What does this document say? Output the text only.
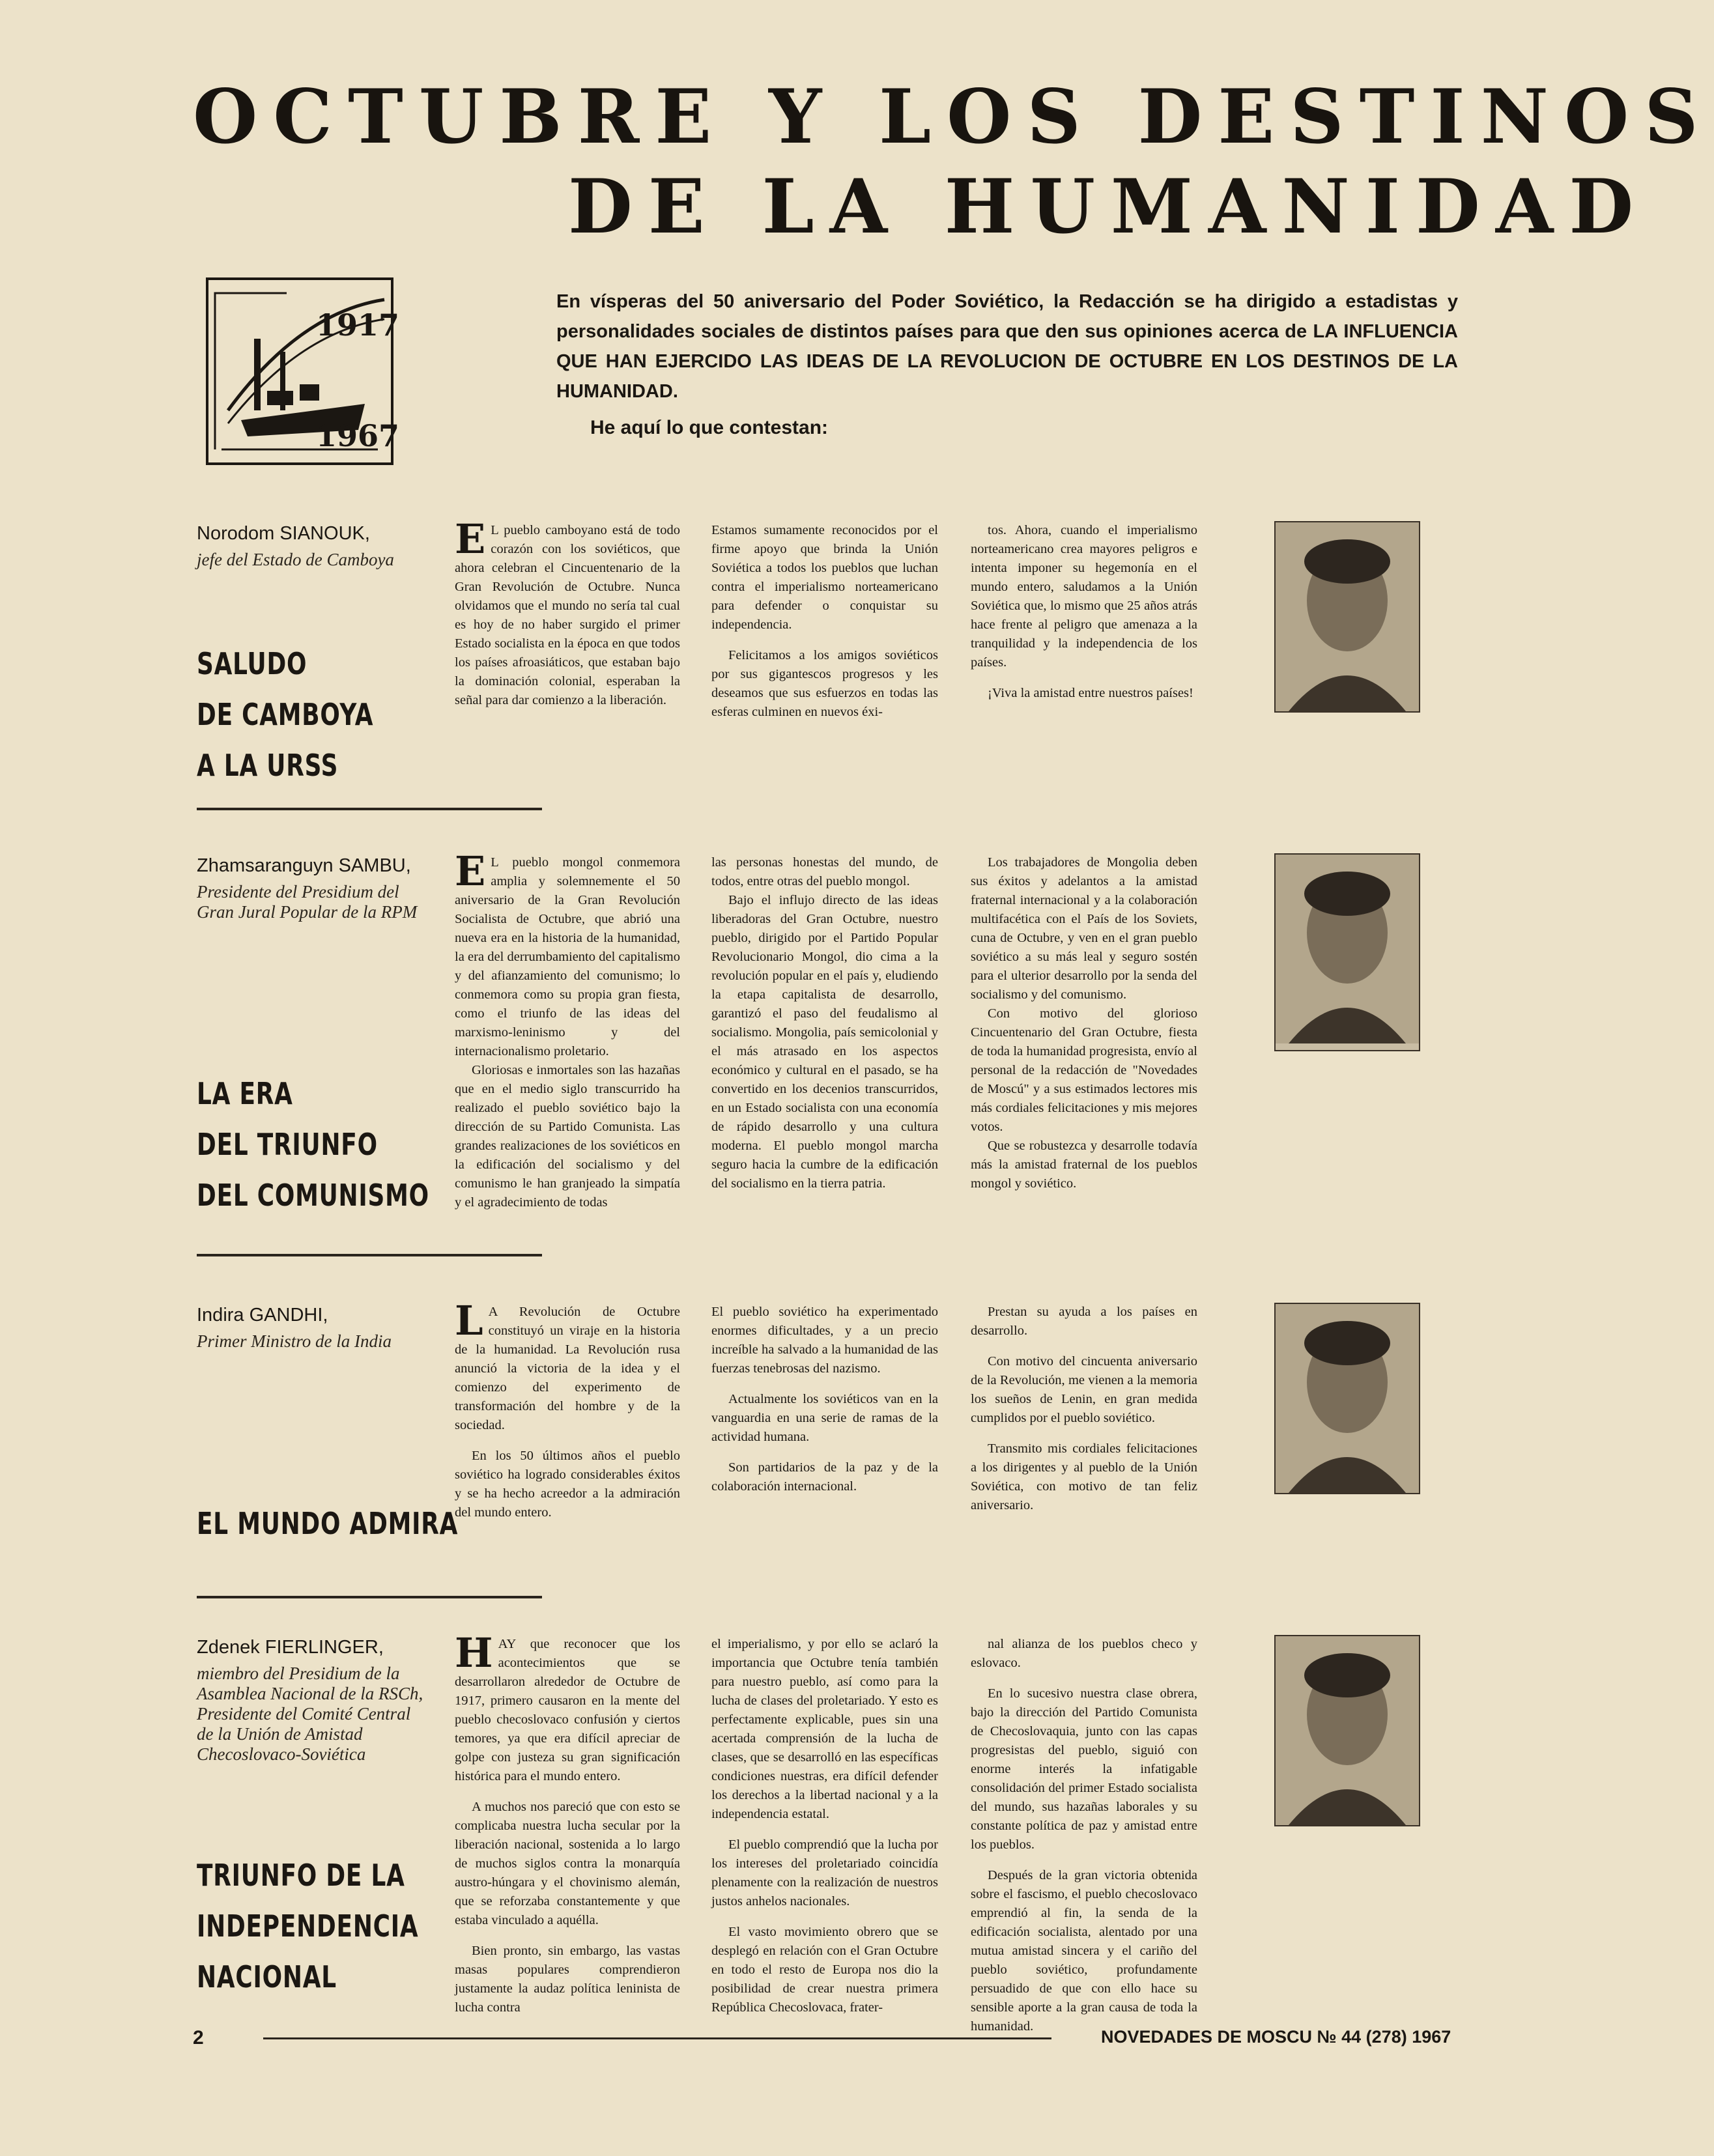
OCTUBRE Y LOS DESTINOS
DE LA HUMANIDAD
1917
1967
En vísperas del 50 aniversario del Poder Soviético, la Redacción se ha dirigido a estadistas y personalidades sociales de distintos países para que den sus opiniones acerca de LA INFLUENCIA QUE HAN EJERCIDO LAS IDEAS DE LA REVOLUCION DE OCTUBRE EN LOS DESTINOS DE LA HUMANIDAD.
He aquí lo que contestan:
Norodom SIANOUK,
jefe del Estado de Camboya
SALUDO
DE CAMBOYA
A LA URSS

E L pueblo camboyano está de todo corazón con los soviéticos, que ahora celebran el Cincuentenario de la Gran Revolución de Octubre. Nunca olvidamos que el mundo no sería tal cual es hoy de no haber surgido el primer Estado socialista en la época en que todos los países afroasiáticos, que estaban bajo la dominación colonial, esperaban la señal para dar comienzo a la liberación.

Estamos sumamente reconocidos por el firme apoyo que brinda la Unión Soviética a todos los pueblos que luchan contra el imperialismo norteamericano para defender o conquistar su independencia.

Felicitamos a los amigos soviéticos por sus gigantescos progresos y les deseamos que sus esfuerzos en todas las esferas culminen en nuevos éxi-

tos. Ahora, cuando el imperialismo norteamericano crea mayores peligros e intenta imponer su hegemonía en el mundo entero, saludamos a la Unión Soviética que, lo mismo que 25 años atrás hace frente al peligro que amenaza a la tranquilidad y la independencia de los países.

¡Viva la amistad entre nuestros países!

Zhamsaranguyn SAMBU,
Presidente del Presidium del Gran Jural Popular de la RPM
LA ERA
DEL TRIUNFO
DEL COMUNISMO

E L pueblo mongol conmemora amplia y solemnemente el 50 aniversario de la Gran Revolución Socialista de Octubre, que abrió una nueva era en la historia de la humanidad, la era del derrumbamiento del capitalismo y del afianzamiento del comunismo; lo conmemora como su propia gran fiesta, como el triunfo de las ideas del marxismo-leninismo y del internacionalismo proletario.

Gloriosas e inmortales son las hazañas que en el medio siglo transcurrido ha realizado el pueblo soviético bajo la dirección de su Partido Comunista. Las grandes realizaciones de los soviéticos en la edificación del socialismo y del comunismo le han granjeado la simpatía y el agradecimiento de todas

las personas honestas del mundo, de todos, entre otras del pueblo mongol.

Bajo el influjo directo de las ideas liberadoras del Gran Octubre, nuestro pueblo, dirigido por el Partido Popular Revolucionario Mongol, dio cima a la revolución popular en el país y, eludiendo la etapa capitalista de desarrollo, garantizó el paso del feudalismo al socialismo. Mongolia, país semicolonial y el más atrasado en los aspectos económico y cultural en el pasado, se ha convertido en los decenios transcurridos, en un Estado socialista con una economía de rápido desarrollo y una cultura moderna. El pueblo mongol marcha seguro hacia la cumbre de la edificación del socialismo en la tierra patria.

Los trabajadores de Mongolia deben sus éxitos y adelantos a la amistad fraternal internacional y a la colaboración multifacética con el País de los Soviets, cuna de Octubre, y ven en el gran pueblo soviético a su más leal y seguro sostén para el ulterior desarrollo por la senda del socialismo y del comunismo.

Con motivo del glorioso Cincuentenario del Gran Octubre, fiesta de toda la humanidad progresista, envío al personal de la redacción de "Novedades de Moscú" y a sus estimados lectores mis más cordiales felicitaciones y mis mejores votos.

Que se robustezca y desarrolle todavía más la amistad fraternal de los pueblos mongol y soviético.

Indira GANDHI,
Primer Ministro de la India
EL MUNDO ADMIRA

L A Revolución de Octubre constituyó un viraje en la historia de la humanidad. La Revolución rusa anunció la victoria de la idea y el comienzo del experimento de transformación del hombre y de la sociedad.

En los 50 últimos años el pueblo soviético ha logrado considerables éxitos y se ha hecho acreedor a la admiración del mundo entero.

El pueblo soviético ha experimentado enormes dificultades, y a un precio increíble ha salvado a la humanidad de las fuerzas tenebrosas del nazismo.

Actualmente los soviéticos van en la vanguardia en una serie de ramas de la actividad humana.

Son partidarios de la paz y de la colaboración internacional.

Prestan su ayuda a los países en desarrollo.

Con motivo del cincuenta aniversario de la Revolución, me vienen a la memoria los sueños de Lenin, en gran medida cumplidos por el pueblo soviético.

Transmito mis cordiales felicitaciones a los dirigentes y al pueblo de la Unión Soviética, con motivo de tan feliz aniversario.

Zdenek FIERLINGER,
miembro del Presidium de la Asamblea Nacional de la RSCh, Presidente del Comité Central de la Unión de Amistad Checoslovaco-Soviética
TRIUNFO DE LA
INDEPENDENCIA
NACIONAL

HAY que reconocer que los acontecimientos que se desarrollaron alrededor de Octubre de 1917, primero causaron en la mente del pueblo checoslovaco confusión y ciertos temores, ya que era difícil apreciar de golpe con justeza su gran significación histórica para el mundo entero.

A muchos nos pareció que con esto se complicaba nuestra lucha secular por la liberación nacional, sostenida a lo largo de muchos siglos contra la monarquía austro-húngara y el chovinismo alemán, que se reforzaba constantemente y que estaba vinculado a aquélla.

Bien pronto, sin embargo, las vastas masas populares comprendieron justamente la audaz política leninista de lucha contra

el imperialismo, y por ello se aclaró la importancia que Octubre tenía también para nuestro pueblo, así como para la lucha de clases del proletariado. Y esto es perfectamente explicable, pues sin una acertada comprensión de la lucha de clases, que se desarrolló en las específicas condiciones nuestras, era difícil defender los derechos a la libertad nacional y a la independencia estatal.

El pueblo comprendió que la lucha por los intereses del proletariado coincidía plenamente con la realización de nuestros justos anhelos nacionales.

El vasto movimiento obrero que se desplegó en relación con el Gran Octubre en todo el resto de Europa nos dio la posibilidad de crear nuestra primera República Checoslovaca, frater-

nal alianza de los pueblos checo y eslovaco.

En lo sucesivo nuestra clase obrera, bajo la dirección del Partido Comunista de Checoslovaquia, junto con las capas progresistas del pueblo, siguió con enorme interés la infatigable consolidación del primer Estado socialista del mundo, sus hazañas laborales y su constante política de paz y amistad entre los pueblos.

Después de la gran victoria obtenida sobre el fascismo, el pueblo checoslovaco emprendió al fin, la senda de la edificación socialista, alentado por una mutua amistad sincera y el cariño del pueblo soviético, profundamente persuadido de que con ello hace su sensible aporte a la gran causa de toda la humanidad.

2	NOVEDADES DE MOSCU № 44 (278) 1967
